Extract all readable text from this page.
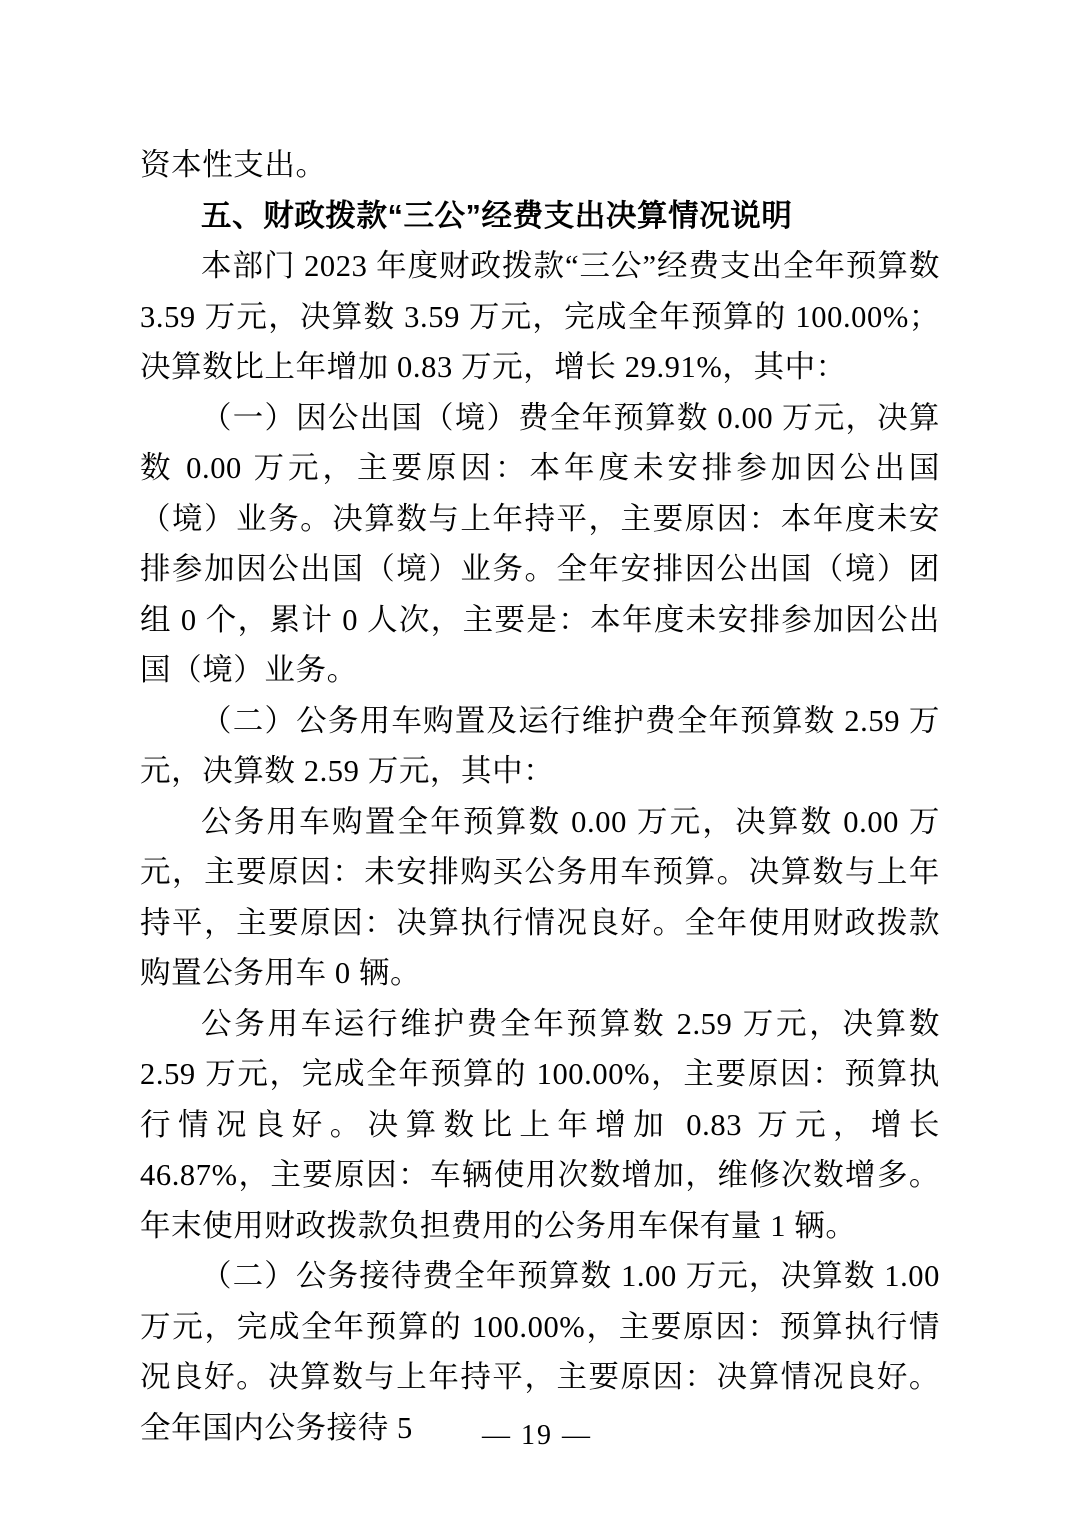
资本性支出。

五、财政拨款“三公”经费支出决算情况说明

本部门 2023 年度财政拨款“三公”经费支出全年预算数 3.59 万元，决算数 3.59 万元，完成全年预算的 100.00%；决算数比上年增加 0.83 万元，增长 29.91%，其中：

（一）因公出国（境）费全年预算数 0.00 万元，决算数 0.00 万元，主要原因：本年度未安排参加因公出国（境）业务。决算数与上年持平，主要原因：本年度未安排参加因公出国（境）业务。全年安排因公出国（境）团组 0 个，累计 0 人次，主要是：本年度未安排参加因公出国（境）业务。

（二）公务用车购置及运行维护费全年预算数 2.59 万元，决算数 2.59 万元，其中：

公务用车购置全年预算数 0.00 万元，决算数 0.00 万元，主要原因：未安排购买公务用车预算。决算数与上年持平，主要原因：决算执行情况良好。全年使用财政拨款购置公务用车 0 辆。

公务用车运行维护费全年预算数 2.59 万元，决算数 2.59 万元，完成全年预算的 100.00%，主要原因：预算执行情况良好。决算数比上年增加 0.83 万元，增长 46.87%，主要原因：车辆使用次数增加，维修次数增多。年末使用财政拨款负担费用的公务用车保有量 1 辆。

（二）公务接待费全年预算数 1.00 万元，决算数 1.00 万元，完成全年预算的 100.00%，主要原因：预算执行情况良好。决算数与上年持平，主要原因：决算情况良好。全年国内公务接待 5	— 19 —
